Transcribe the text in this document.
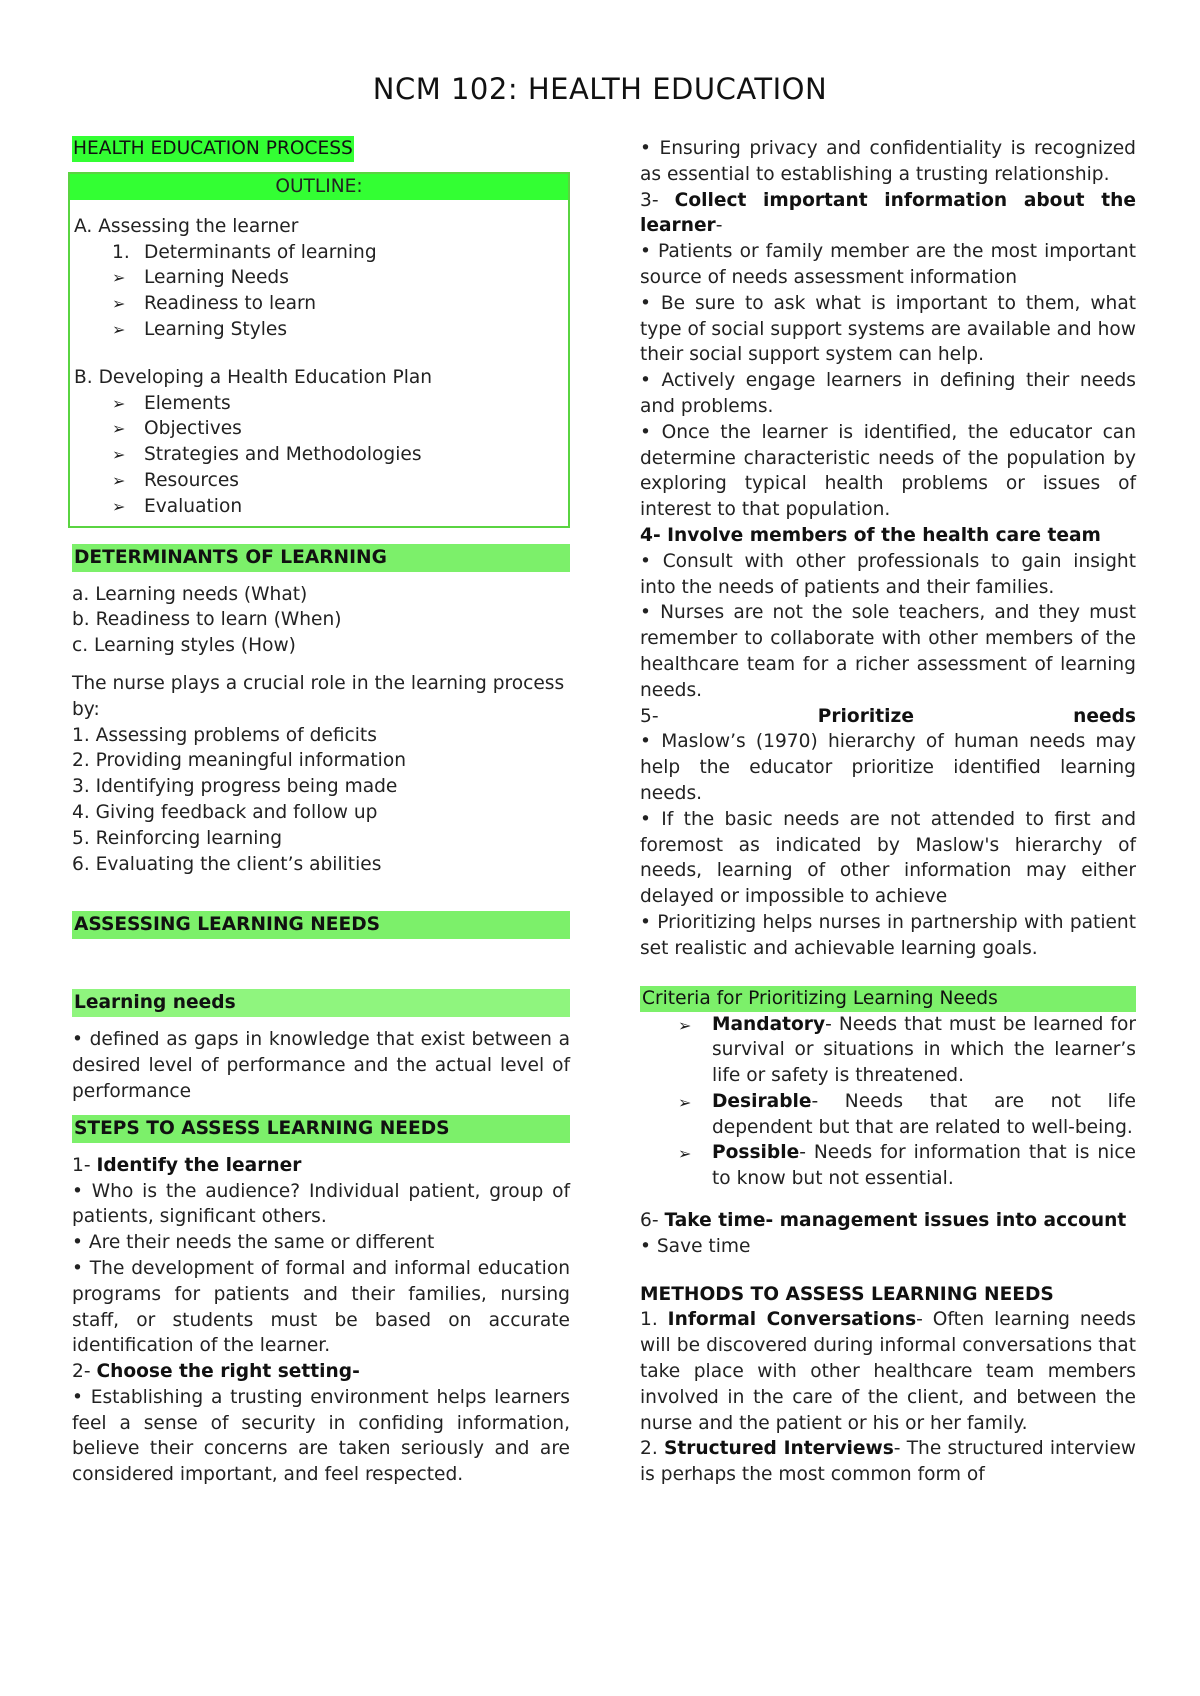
NCM 102: HEALTH EDUCATION

HEALTH EDUCATION PROCESS

OUTLINE:

A. Assessing the learner

1. Determinants of learning

➢ Learning Needs

➢ Readiness to learn

➢ Learning Styles

B. Developing a Health Education Plan

➢ Elements

➢ Objectives

➢ Strategies and Methodologies

➢ Resources

➢ Evaluation

DETERMINANTS OF LEARNING

a. Learning needs (What)

b. Readiness to learn (When)

c. Learning styles (How)

The nurse plays a crucial role in the learning process by:

1. Assessing problems of deficits

2. Providing meaningful information

3. Identifying progress being made

4. Giving feedback and follow up

5. Reinforcing learning

6. Evaluating the client’s abilities

ASSESSING LEARNING NEEDS
Learning needs

• defined as gaps in knowledge that exist between a desired level of performance and the actual level of performance

STEPS TO ASSESS LEARNING NEEDS

1- Identify the learner

• Who is the audience? Individual patient, group of patients, significant others.

• Are their needs the same or different

• The development of formal and informal education programs for patients and their families, nursing staff, or students must be based on accurate identification of the learner.

2- Choose the right setting-

• Establishing a trusting environment helps learners feel a sense of security in confiding information, believe their concerns are taken seriously and are considered important, and feel respected.

• Ensuring privacy and confidentiality is recognized as essential to establishing a trusting relationship.

3- Collect important information about the learner-

• Patients or family member are the most important source of needs assessment information

• Be sure to ask what is important to them, what type of social support systems are available and how their social support system can help.

• Actively engage learners in defining their needs and problems.

• Once the learner is identified, the educator can determine characteristic needs of the population by exploring typical health problems or issues of interest to that population.

4- Involve members of the health care team

• Consult with other professionals to gain insight into the needs of patients and their families.

• Nurses are not the sole teachers, and they must remember to collaborate with other members of the healthcare team for a richer assessment of learning needs.

5-	Prioritize	needs

• Maslow’s (1970) hierarchy of human needs may help the educator prioritize identified learning needs.

• If the basic needs are not attended to first and foremost as indicated by Maslow's hierarchy of needs, learning of other information may either delayed or impossible to achieve

• Prioritizing helps nurses in partnership with patient set realistic and achievable learning goals.

Criteria for Prioritizing Learning Needs

➢ Mandatory- Needs that must be learned for survival or situations in which the learner’s life or safety is threatened.

➢ Desirable- Needs that are not life dependent but that are related to well-being.

➢ Possible- Needs for information that is nice to know but not essential.

6- Take time- management issues into account

• Save time

METHODS TO ASSESS LEARNING NEEDS

1. Informal Conversations- Often learning needs will be discovered during informal conversations that take place with other healthcare team members involved in the care of the client, and between the nurse and the patient or his or her family.

2. Structured Interviews- The structured interview is perhaps the most common form of
